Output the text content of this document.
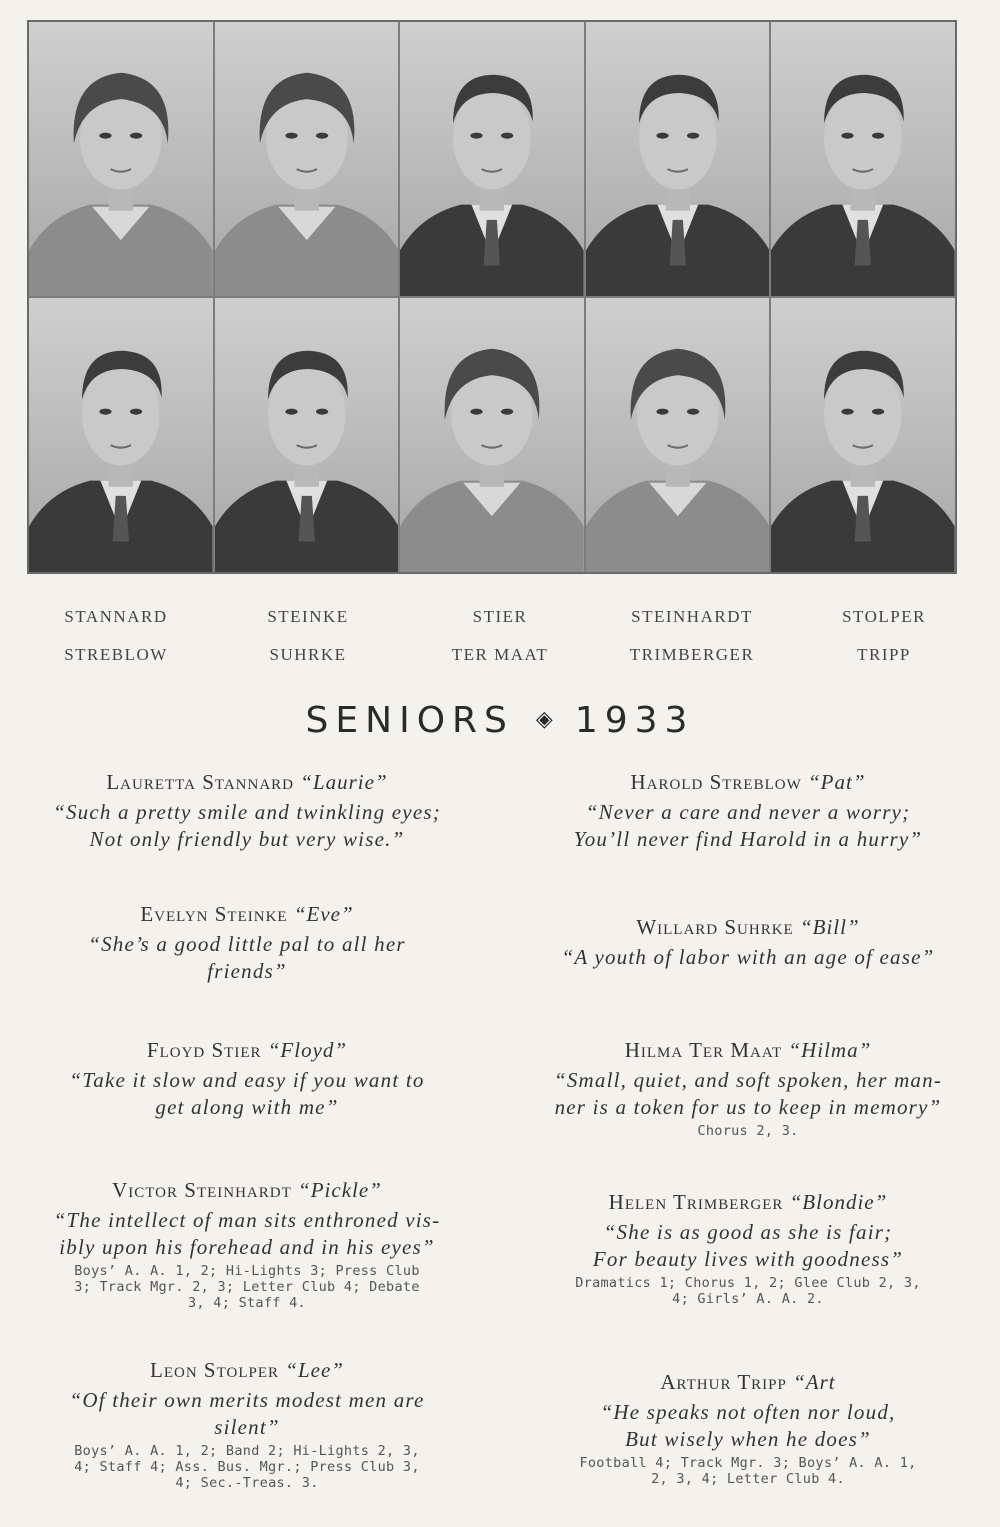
STANNARD	STEINKE	STIER	STEINHARDT	STOLPER
STREBLOW	SUHRKE	TER MAAT	TRIMBERGER	TRIPP
SENIORS ◈ 1933
Lauretta Stannard “Laurie”
“Such a pretty smile and twinkling eyes;
Not only friendly but very wise.”
Evelyn Steinke “Eve”
“She’s a good little pal to all her
friends”
Floyd Stier “Floyd”
“Take it slow and easy if you want to
get along with me”
Victor Steinhardt “Pickle”
“The intellect of man sits enthroned vis-
ibly upon his forehead and in his eyes”
Boys’ A. A. 1, 2; Hi-Lights 3; Press Club
3; Track Mgr. 2, 3; Letter Club 4; Debate
3, 4; Staff 4.
Leon Stolper “Lee”
“Of their own merits modest men are
silent”
Boys’ A. A. 1, 2; Band 2; Hi-Lights 2, 3,
4; Staff 4; Ass. Bus. Mgr.; Press Club 3,
4; Sec.-Treas. 3.
Harold Streblow “Pat”
“Never a care and never a worry;
You’ll never find Harold in a hurry”
Willard Suhrke “Bill”
“A youth of labor with an age of ease”
Hilma Ter Maat “Hilma”
“Small, quiet, and soft spoken, her man-
ner is a token for us to keep in memory”
Chorus 2, 3.
Helen Trimberger “Blondie”
“She is as good as she is fair;
For beauty lives with goodness”
Dramatics 1; Chorus 1, 2; Glee Club 2, 3,
4; Girls’ A. A. 2.
Arthur Tripp “Art
“He speaks not often nor loud,
But wisely when he does”
Football 4; Track Mgr. 3; Boys’ A. A. 1,
2, 3, 4; Letter Club 4.
